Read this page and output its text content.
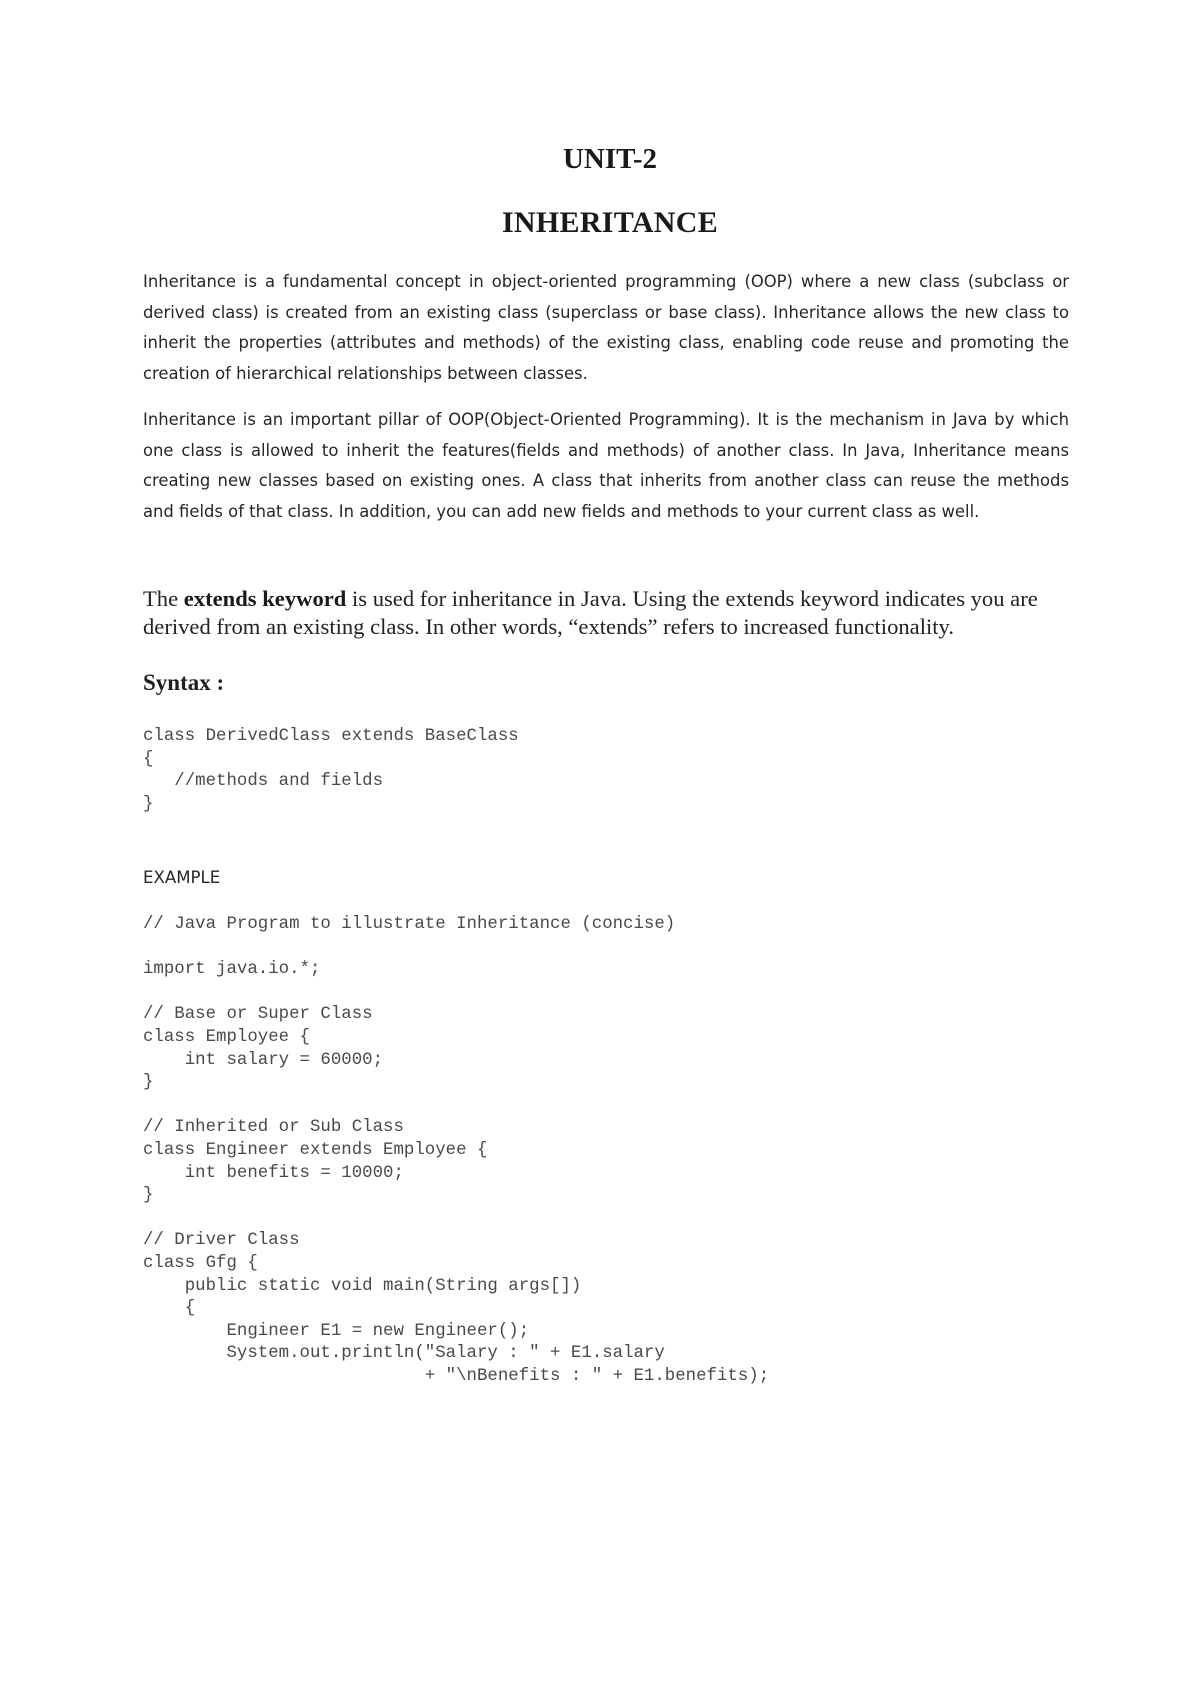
UNIT-2
INHERITANCE

Inheritance is a fundamental concept in object-oriented programming (OOP) where a new class (subclass or derived class) is created from an existing class (superclass or base class). Inheritance allows the new class to inherit the properties (attributes and methods) of the existing class, enabling code reuse and promoting the creation of hierarchical relationships between classes.

Inheritance is an important pillar of OOP(Object-Oriented Programming). It is the mechanism in Java by which one class is allowed to inherit the features(fields and methods) of another class. In Java, Inheritance means creating new classes based on existing ones. A class that inherits from another class can reuse the methods and fields of that class. In addition, you can add new fields and methods to your current class as well.

The extends keyword is used for inheritance in Java. Using the extends keyword indicates you are derived from an existing class. In other words, “extends” refers to increased functionality.

Syntax :
class DerivedClass extends BaseClass
{
//methods and fields
}

EXAMPLE

// Java Program to illustrate Inheritance (concise)

import java.io.*;

// Base or Super Class
class Employee {
int salary = 60000;
}

// Inherited or Sub Class
class Engineer extends Employee {
int benefits = 10000;
}

// Driver Class
class Gfg {
public static void main(String args[])
{
Engineer E1 = new Engineer();
System.out.println("Salary : " + E1.salary
+ "\nBenefits : " + E1.benefits);
